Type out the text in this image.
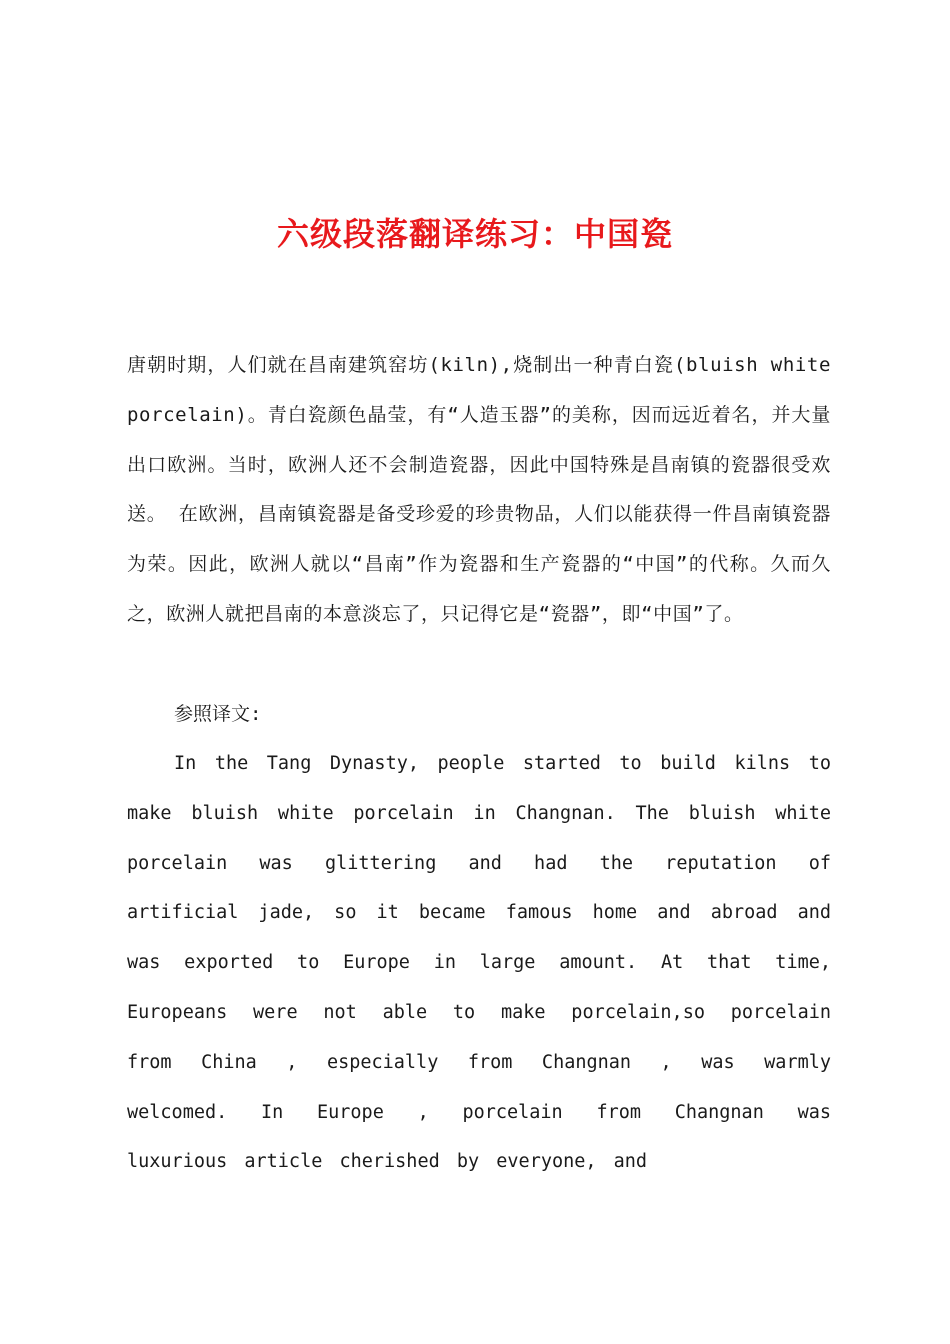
六级段落翻译练习：中国瓷
唐朝时期，人们就在昌南建筑窑坊(kiln),烧制出一种青白瓷(bluish white porcelain)。青白瓷颜色晶莹，有“人造玉器”的美称，因而远近着名，并大量出口欧洲。当时，欧洲人还不会制造瓷器，因此中国特殊是昌南镇的瓷器很受欢送。 在欧洲，昌南镇瓷器是备受珍爱的珍贵物品，人们以能获得一件昌南镇瓷器为荣。因此，欧洲人就以“昌南”作为瓷器和生产瓷器的“中国”的代称。久而久之，欧洲人就把昌南的本意淡忘了，只记得它是“瓷器”，即“中国”了。
参照译文:
In the Tang Dynasty, people started to build kilns to make bluish white porcelain in Changnan. The bluish white porcelain was glittering and had the reputation of artificial jade, so it became famous home and abroad and was exported to Europe in large amount. At that time, Europeans were not able to make porcelain,so porcelain from China , especially from Changnan , was warmly welcomed. In Europe , porcelain from Changnan was luxurious article cherished by everyone, and
